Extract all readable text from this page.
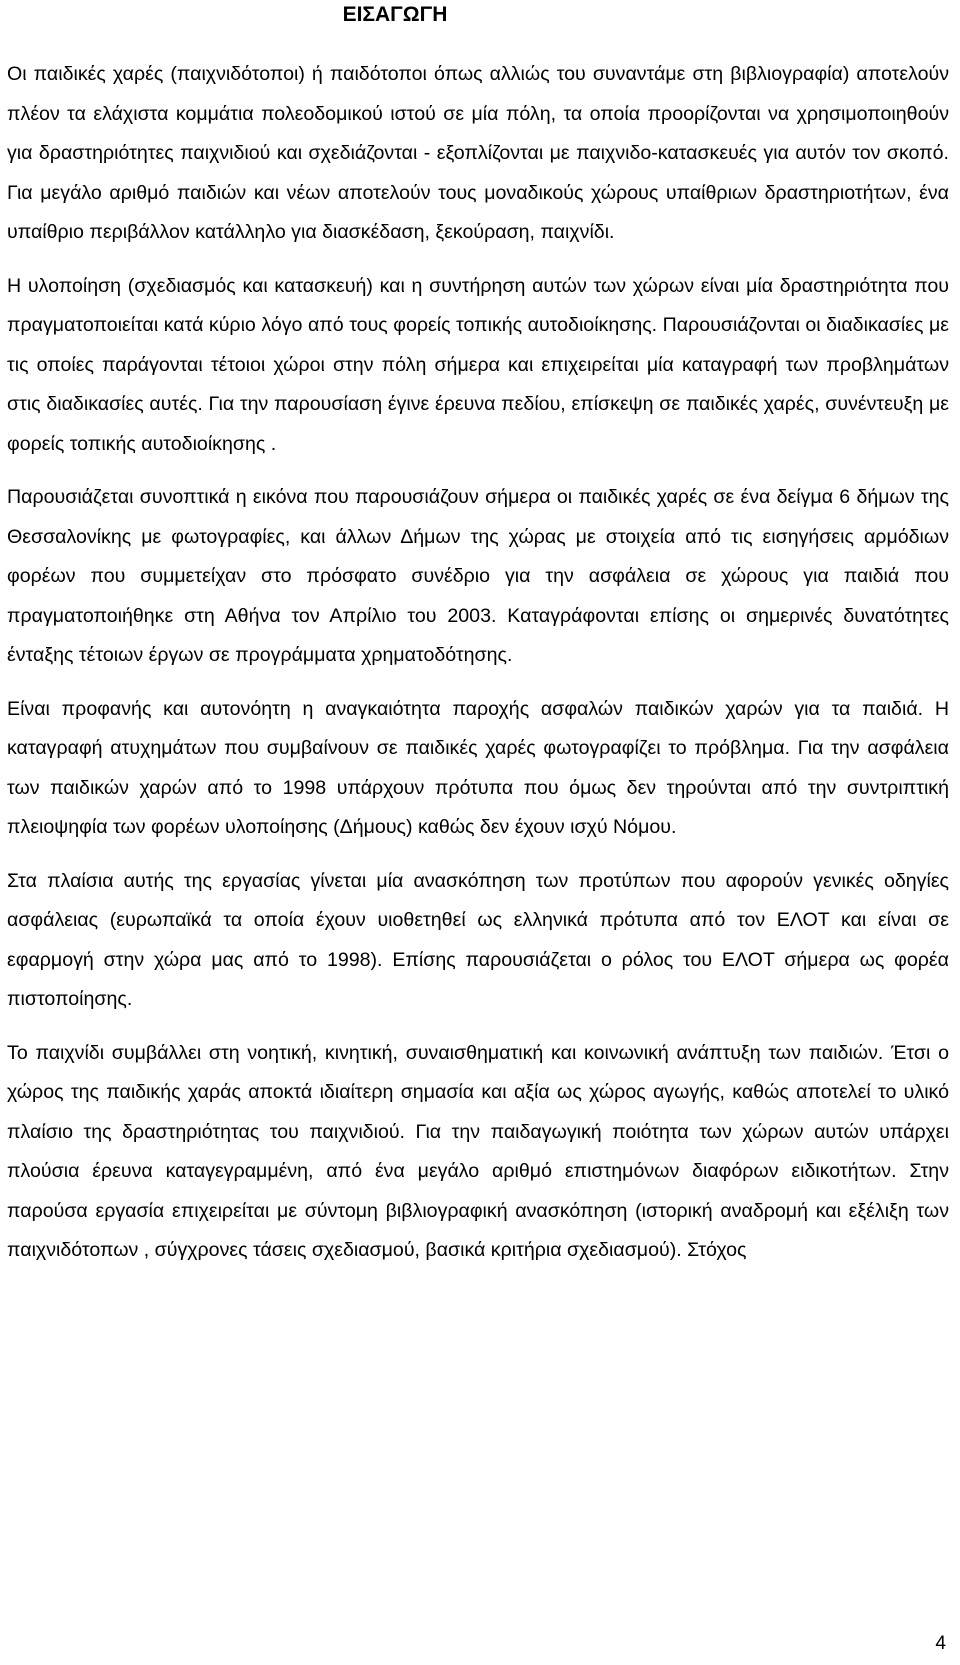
ΕΙΣΑΓΩΓΗ

Οι παιδικές χαρές (παιχνιδότοποι) ή παιδότοποι όπως αλλιώς του συναντάμε στη βιβλιογραφία) αποτελούν πλέον τα ελάχιστα κομμάτια πολεοδομικού ιστού σε μία πόλη, τα οποία προορίζονται να χρησιμοποιηθούν για δραστηριότητες παιχνιδιού και σχεδιάζονται - εξοπλίζονται με παιχνιδο-κατασκευές για αυτόν τον σκοπό. Για μεγάλο αριθμό παιδιών και νέων αποτελούν τους μοναδικούς χώρους υπαίθριων δραστηριοτήτων, ένα υπαίθριο περιβάλλον κατάλληλο για διασκέδαση, ξεκούραση, παιχνίδι.

Η υλοποίηση (σχεδιασμός και κατασκευή) και η συντήρηση αυτών των χώρων είναι μία δραστηριότητα που πραγματοποιείται κατά κύριο λόγο από τους φορείς τοπικής αυτοδιοίκησης. Παρουσιάζονται οι διαδικασίες με τις οποίες παράγονται τέτοιοι χώροι στην πόλη σήμερα και επιχειρείται μία καταγραφή των προβλημάτων στις διαδικασίες αυτές. Για την παρουσίαση έγινε έρευνα πεδίου, επίσκεψη σε παιδικές χαρές, συνέντευξη με φορείς τοπικής αυτοδιοίκησης .

Παρουσιάζεται συνοπτικά η εικόνα που παρουσιάζουν σήμερα οι παιδικές χαρές σε ένα δείγμα 6 δήμων της Θεσσαλονίκης με φωτογραφίες, και άλλων Δήμων της χώρας με στοιχεία από τις εισηγήσεις αρμόδιων φορέων που συμμετείχαν στο πρόσφατο συνέδριο για την ασφάλεια σε χώρους για παιδιά που πραγματοποιήθηκε στη Αθήνα τον Απρίλιο του 2003. Καταγράφονται επίσης οι σημερινές δυνατότητες ένταξης τέτοιων έργων σε προγράμματα χρηματοδότησης.

Είναι προφανής και αυτονόητη η αναγκαιότητα παροχής ασφαλών παιδικών χαρών για τα παιδιά. Η καταγραφή ατυχημάτων που συμβαίνουν σε παιδικές χαρές φωτογραφίζει το πρόβλημα. Για την ασφάλεια των παιδικών χαρών από το 1998 υπάρχουν πρότυπα που όμως δεν τηρούνται από την συντριπτική πλειοψηφία των φορέων υλοποίησης (Δήμους) καθώς δεν έχουν ισχύ Νόμου.

Στα πλαίσια αυτής της εργασίας γίνεται μία ανασκόπηση των προτύπων που αφορούν γενικές οδηγίες ασφάλειας (ευρωπαϊκά τα οποία έχουν υιοθετηθεί ως ελληνικά πρότυπα από τον ΕΛΟΤ και είναι σε εφαρμογή στην χώρα μας από το 1998). Επίσης παρουσιάζεται ο ρόλος του ΕΛΟΤ σήμερα ως φορέα πιστοποίησης.

Το παιχνίδι συμβάλλει στη νοητική, κινητική, συναισθηματική και κοινωνική ανάπτυξη των παιδιών. Έτσι ο χώρος της παιδικής χαράς αποκτά ιδιαίτερη σημασία και αξία ως χώρος αγωγής, καθώς αποτελεί το υλικό πλαίσιο της δραστηριότητας του παιχνιδιού. Για την παιδαγωγική ποιότητα των χώρων αυτών υπάρχει πλούσια έρευνα καταγεγραμμένη, από ένα μεγάλο αριθμό επιστημόνων διαφόρων ειδικοτήτων. Στην παρούσα εργασία επιχειρείται με σύντομη βιβλιογραφική ανασκόπηση (ιστορική αναδρομή και εξέλιξη των παιχνιδότοπων , σύγχρονες τάσεις σχεδιασμού, βασικά κριτήρια σχεδιασμού). Στόχος

4
